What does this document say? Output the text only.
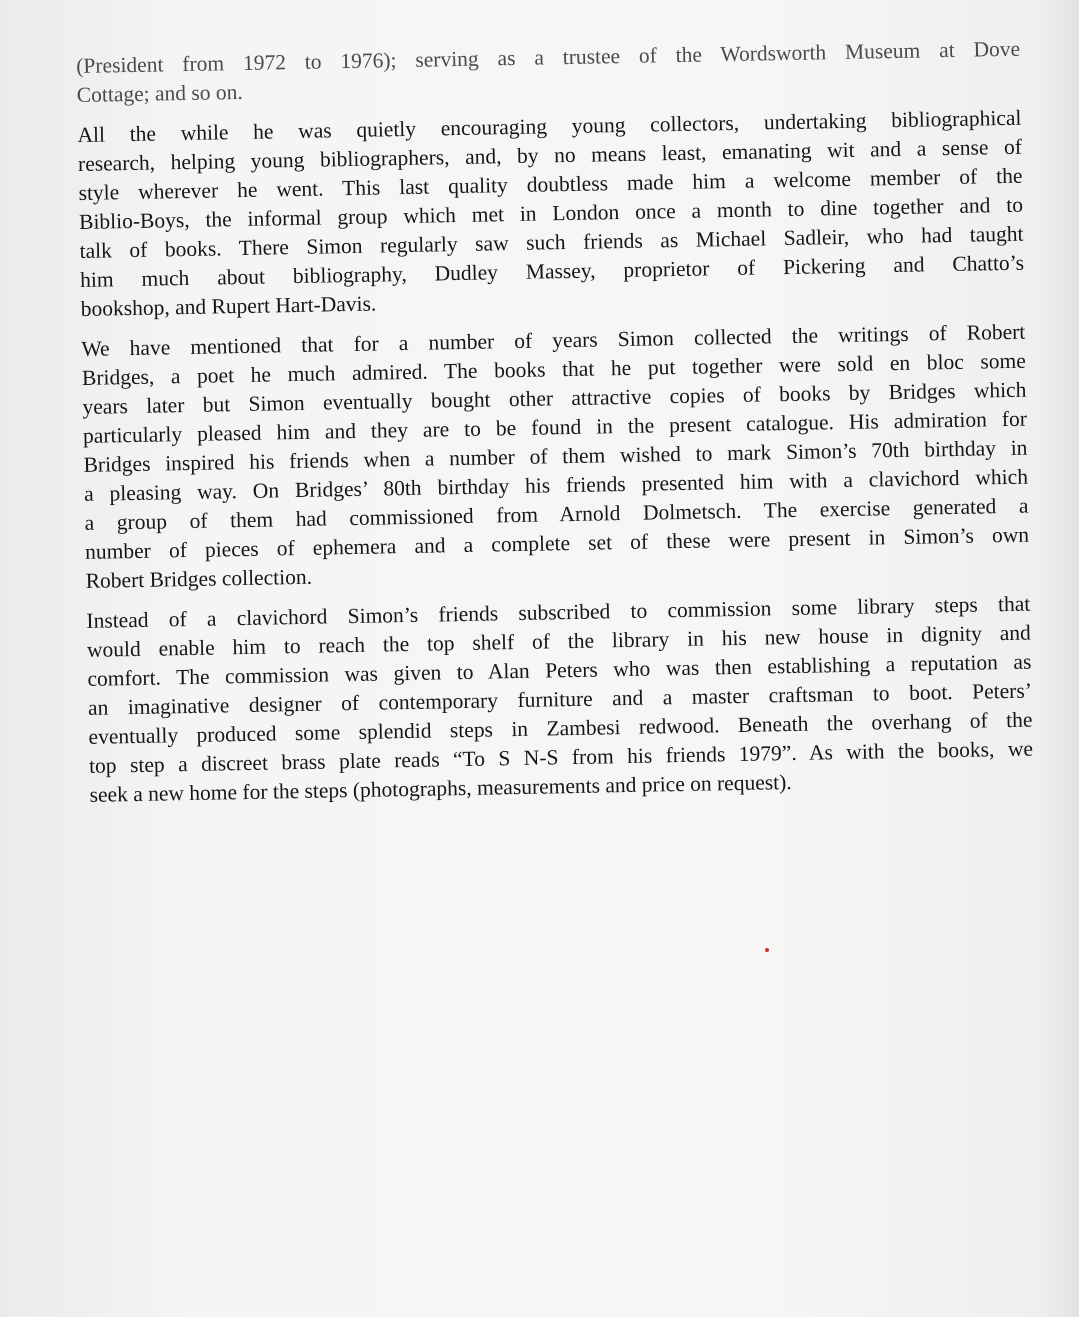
(President from 1972 to 1976); serving as a trustee of the Wordsworth Museum at Dove
Cottage; and so on.

All the while he was quietly encouraging young collectors, undertaking bibliographical
research, helping young bibliographers, and, by no means least, emanating wit and a sense of
style wherever he went. This last quality doubtless made him a welcome member of the
Biblio-Boys, the informal group which met in London once a month to dine together and to
talk of books. There Simon regularly saw such friends as Michael Sadleir, who had taught
him much about bibliography, Dudley Massey, proprietor of Pickering and Chatto’s
bookshop, and Rupert Hart-Davis.

We have mentioned that for a number of years Simon collected the writings of Robert
Bridges, a poet he much admired. The books that he put together were sold en bloc some
years later but Simon eventually bought other attractive copies of books by Bridges which
particularly pleased him and they are to be found in the present catalogue. His admiration for
Bridges inspired his friends when a number of them wished to mark Simon’s 70th birthday in
a pleasing way. On Bridges’ 80th birthday his friends presented him with a clavichord which
a group of them had commissioned from Arnold Dolmetsch. The exercise generated a
number of pieces of ephemera and a complete set of these were present in Simon’s own
Robert Bridges collection.

Instead of a clavichord Simon’s friends subscribed to commission some library steps that
would enable him to reach the top shelf of the library in his new house in dignity and
comfort. The commission was given to Alan Peters who was then establishing a reputation as
an imaginative designer of contemporary furniture and a master craftsman to boot. Peters’
eventually produced some splendid steps in Zambesi redwood. Beneath the overhang of the
top step a discreet brass plate reads “To S N-S from his friends 1979”. As with the books, we
seek a new home for the steps (photographs, measurements and price on request).
